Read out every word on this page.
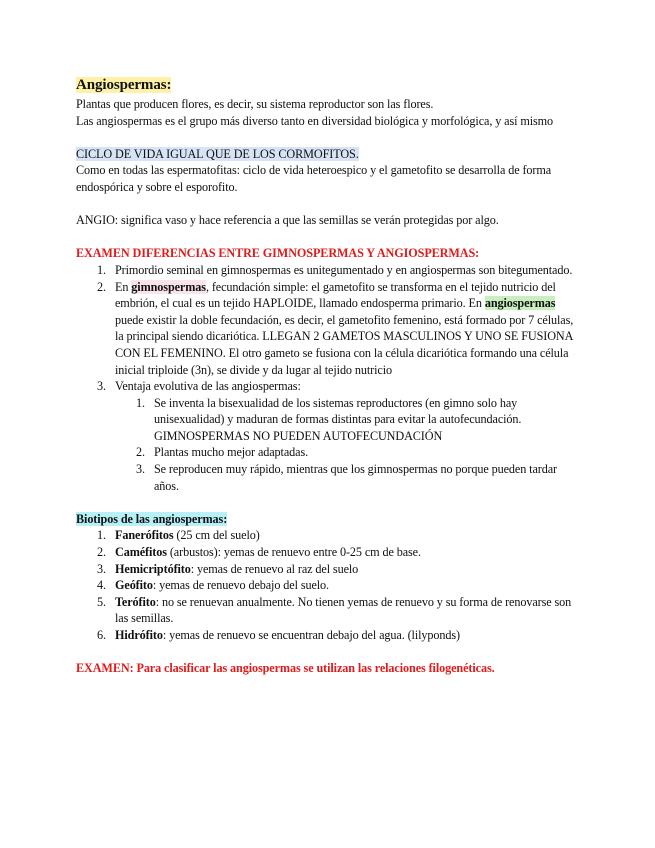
Angiospermas:

Plantas que producen flores, es decir, su sistema reproductor son las flores.

Las angiospermas es el grupo más diverso tanto en diversidad biológica y morfológica, y así mismo

CICLO DE VIDA IGUAL QUE DE LOS CORMOFITOS.

Como en todas las espermatofitas: ciclo de vida heteroespico y el gametofito se desarrolla de forma endospórica y sobre el esporofito.

ANGIO: significa vaso y hace referencia a que las semillas se verán protegidas por algo.

EXAMEN DIFERENCIAS ENTRE GIMNOSPERMAS Y ANGIOSPERMAS:

1. Primordio seminal en gimnospermas es unitegumentado y en angiospermas son bitegumentado.
2. En gimnospermas, fecundación simple: el gametofito se transforma en el tejido nutricio del embrión, el cual es un tejido HAPLOIDE, llamado endosperma primario. En angiospermas puede existir la doble fecundación, es decir, el gametofito femenino, está formado por 7 células, la principal siendo dicariótica. LLEGAN 2 GAMETOS MASCULINOS Y UNO SE FUSIONA CON EL FEMENINO. El otro gameto se fusiona con la célula dicariótica formando una célula inicial triploide (3n), se divide y da lugar al tejido nutricio
3. Ventaja evolutiva de las angiospermas:
1. Se inventa la bisexualidad de los sistemas reproductores (en gimno solo hay unisexualidad) y maduran de formas distintas para evitar la autofecundación. GIMNOSPERMAS NO PUEDEN AUTOFECUNDACIÓN
2. Plantas mucho mejor adaptadas.
3. Se reproducen muy rápido, mientras que los gimnospermas no porque pueden tardar años.

Biotipos de las angiospermas:

1. Fanerófitos (25 cm del suelo)
2. Caméfitos (arbustos): yemas de renuevo entre 0-25 cm de base.
3. Hemicriptófito: yemas de renuevo al raz del suelo
4. Geófito: yemas de renuevo debajo del suelo.
5. Terófito: no se renuevan anualmente. No tienen yemas de renuevo y su forma de renovarse son las semillas.
6. Hidrófito: yemas de renuevo se encuentran debajo del agua. (lilyponds)

EXAMEN: Para clasificar las angiospermas se utilizan las relaciones filogenéticas.
